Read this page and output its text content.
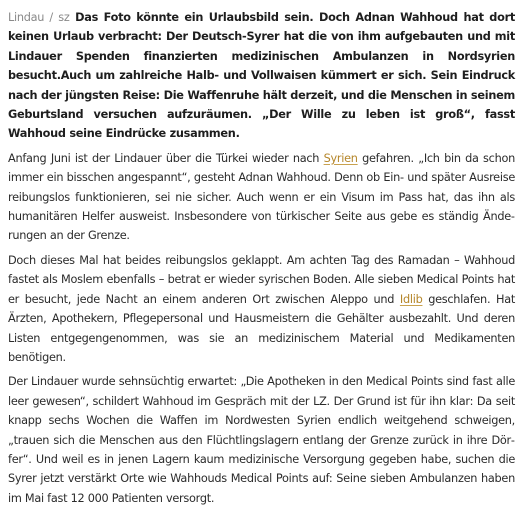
Lindau / sz Das Foto könnte ein Urlaubsbild sein. Doch Adnan Wahhoud hat dort keinen Urlaub verbracht: Der Deutsch-Syrer hat die von ihm aufgebauten und mit Lindauer Spenden finanzierten medizinischen Ambulanzen in Nordsyrien besucht.Auch um zahlreiche Halb- und Vollwaisen kümmert er sich. Sein Eindruck nach der jüngsten Reise: Die Waffenruhe hält derzeit, und die Menschen in seinem Geburtsland versuchen aufzuräumen. „Der Wille zu leben ist groß“, fasst Wahhoud seine Eindrücke zusammen.

Anfang Juni ist der Lindauer über die Türkei wieder nach Syrien gefahren. „Ich bin da schon immer ein bisschen angespannt“, gesteht Adnan Wahhoud. Denn ob Ein- und später Ausreise reibungslos funktionieren, sei nie sicher. Auch wenn er ein Visum im Pass hat, das ihn als humanitären Helfer ausweist. Insbesondere von türkischer Seite aus gebe es ständig Änderungen an der Grenze.

Doch dieses Mal hat beides reibungslos geklappt. Am achten Tag des Ramadan – Wahhoud fastet als Moslem ebenfalls – betrat er wieder syrischen Boden. Alle sieben Medical Points hat er besucht, jede Nacht an einem anderen Ort zwischen Aleppo und Idlib geschlafen. Hat Ärzten, Apothekern, Pflegepersonal und Hausmeistern die Gehälter ausbezahlt. Und deren Listen entgegengenommen, was sie an medizinischem Material und Medikamenten benötigen.

Der Lindauer wurde sehnsüchtig erwartet: „Die Apotheken in den Medical Points sind fast alle leer gewesen“, schildert Wahhoud im Gespräch mit der LZ. Der Grund ist für ihn klar: Da seit knapp sechs Wochen die Waffen im Nordwesten Syrien endlich weitgehend schweigen, „trauen sich die Menschen aus den Flüchtlingslagern entlang der Grenze zurück in ihre Dörfer“. Und weil es in jenen Lagern kaum medizinische Versorgung gegeben habe, suchen die Syrer jetzt verstärkt Orte wie Wahhouds Medical Points auf: Seine sieben Ambulanzen haben im Mai fast 12 000 Patienten versorgt.
